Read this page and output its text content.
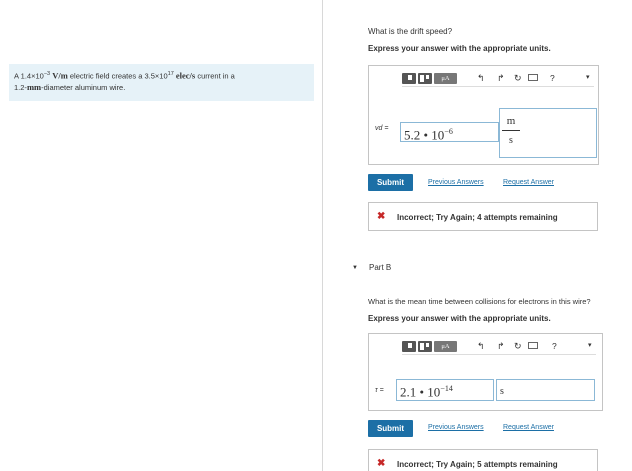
A $1.4\times 10^{-3}$ V/m electric field creates a $3.5\times 10^{17}$ elec/s current in a
1.2-mm-diameter aluminum wire.
What is the drift speed?
Express your answer with the appropriate units.
μA	↰ ↱ ↻	?	▾
vd =	5.2 • $10^{-6}$
m
s
Submit	Previous Answers	Request Answer
✖ Incorrect; Try Again; 4 attempts remaining
▼ Part B
What is the mean time between collisions for electrons in this wire?
Express your answer with the appropriate units.
μA	↰ ↱ ↻	?	▾
τ =	2.1 • $10^{-14}$	s
Submit	Previous Answers	Request Answer
✖ Incorrect; Try Again; 5 attempts remaining
